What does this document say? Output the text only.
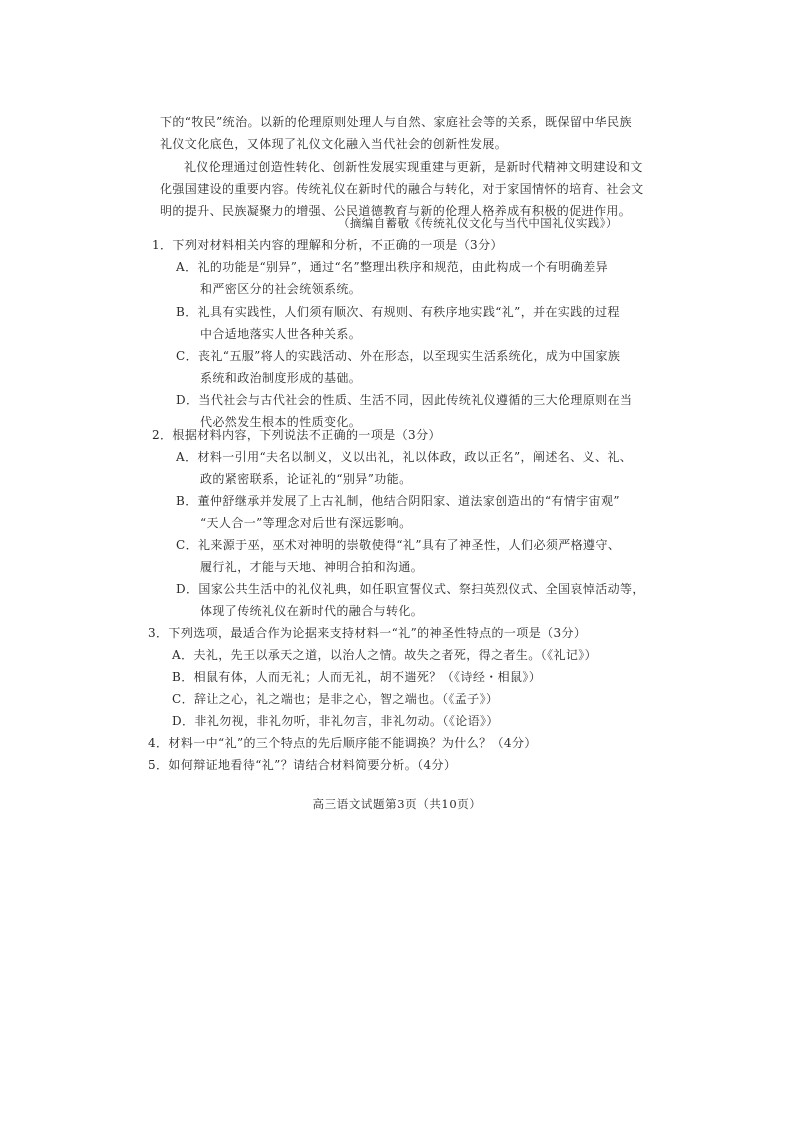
下的“牧民”统治。以新的伦理原则处理人与自然、家庭社会等的关系，既保留中华民族
礼仪文化底色，又体现了礼仪文化融入当代社会的创新性发展。
礼仪伦理通过创造性转化、创新性发展实现重建与更新，是新时代精神文明建设和文
化强国建设的重要内容。传统礼仪在新时代的融合与转化，对于家国情怀的培育、社会文
明的提升、民族凝聚力的增强、公民道德教育与新的伦理人格养成有积极的促进作用。
（摘编自蓄敬《传统礼仪文化与当代中国礼仪实践》）
1．下列对材料相关内容的理解和分析，不正确的一项是（3分）
A．礼的功能是“别异”，通过“名”整理出秩序和规范，由此构成一个有明确差异
和严密区分的社会统领系统。
B．礼具有实践性，人们须有顺次、有规则、有秩序地实践“礼”，并在实践的过程
中合适地落实人世各种关系。
C．丧礼“五服”将人的实践活动、外在形态，以至现实生活系统化，成为中国家族
系统和政治制度形成的基础。
D．当代社会与古代社会的性质、生活不同，因此传统礼仪遵循的三大伦理原则在当
代必然发生根本的性质变化。
2．根据材料内容，下列说法不正确的一项是（3分）
A．材料一引用“夫名以制义，义以出礼，礼以体政，政以正名”，阐述名、义、礼、
政的紧密联系，论证礼的“别异”功能。
B．董仲舒继承并发展了上古礼制，他结合阴阳家、道法家创造出的“有情宇宙观”
“天人合一”等理念对后世有深远影响。
C．礼来源于巫，巫术对神明的崇敬使得“礼”具有了神圣性，人们必须严格遵守、
履行礼，才能与天地、神明合拍和沟通。
D．国家公共生活中的礼仪礼典，如任职宣誓仪式、祭扫英烈仪式、全国哀悼活动等，
体现了传统礼仪在新时代的融合与转化。
3．下列选项，最适合作为论据来支持材料一“礼”的神圣性特点的一项是（3分）
A．夫礼，先王以承天之道，以治人之情。故失之者死，得之者生。（《礼记》）
B．相鼠有体，人而无礼；人而无礼，胡不遄死？（《诗经・相鼠》）
C．辞让之心，礼之端也；是非之心，智之端也。（《孟子》）
D．非礼勿视，非礼勿听，非礼勿言，非礼勿动。（《论语》）
4．材料一中“礼”的三个特点的先后顺序能不能调换？为什么？（4分）
5．如何辩证地看待“礼”？请结合材料简要分析。（4分）
高三语文试题第3页（共10页）
